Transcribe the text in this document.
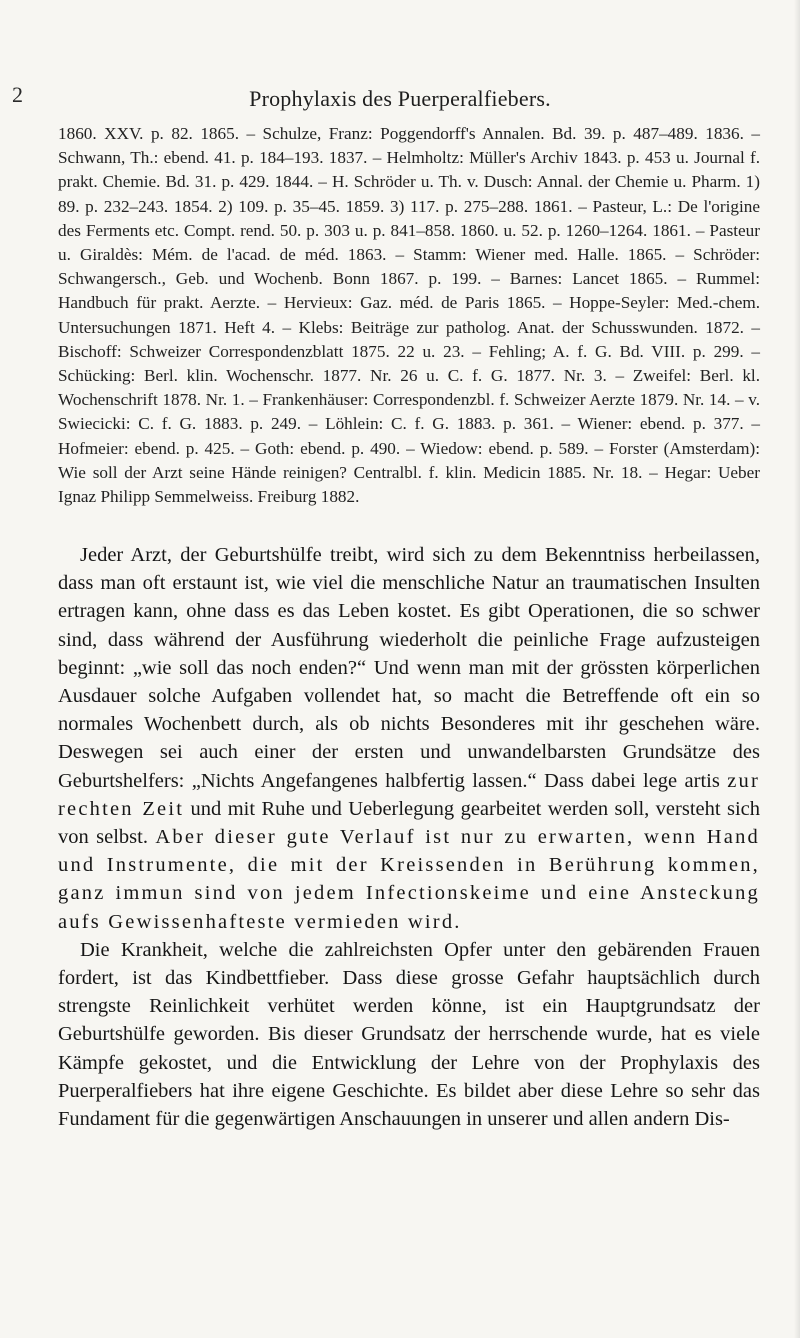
2	Prophylaxis des Puerperalfiebers.
1860. XXV. p. 82. 1865. – Schulze, Franz: Poggendorff's Annalen. Bd. 39. p. 487–489. 1836. – Schwann, Th.: ebend. 41. p. 184–193. 1837. – Helmholtz: Müller's Archiv 1843. p. 453 u. Journal f. prakt. Chemie. Bd. 31. p. 429. 1844. – H. Schröder u. Th. v. Dusch: Annal. der Chemie u. Pharm. 1) 89. p. 232–243. 1854. 2) 109. p. 35–45. 1859. 3) 117. p. 275–288. 1861. – Pasteur, L.: De l'origine des Ferments etc. Compt. rend. 50. p. 303 u. p. 841–858. 1860. u. 52. p. 1260–1264. 1861. – Pasteur u. Giraldès: Mém. de l'acad. de méd. 1863. – Stamm: Wiener med. Halle. 1865. – Schröder: Schwangersch., Geb. und Wochenb. Bonn 1867. p. 199. – Barnes: Lancet 1865. – Rummel: Handbuch für prakt. Aerzte. – Hervieux: Gaz. méd. de Paris 1865. – Hoppe-Seyler: Med.-chem. Untersuchungen 1871. Heft 4. – Klebs: Beiträge zur patholog. Anat. der Schusswunden. 1872. – Bischoff: Schweizer Correspondenzblatt 1875. 22 u. 23. – Fehling; A. f. G. Bd. VIII. p. 299. – Schücking: Berl. klin. Wochenschr. 1877. Nr. 26 u. C. f. G. 1877. Nr. 3. – Zweifel: Berl. kl. Wochenschrift 1878. Nr. 1. – Frankenhäuser: Correspondenzbl. f. Schweizer Aerzte 1879. Nr. 14. – v. Swiecicki: C. f. G. 1883. p. 249. – Löhlein: C. f. G. 1883. p. 361. – Wiener: ebend. p. 377. – Hofmeier: ebend. p. 425. – Goth: ebend. p. 490. – Wiedow: ebend. p. 589. – Forster (Amsterdam): Wie soll der Arzt seine Hände reinigen? Centralbl. f. klin. Medicin 1885. Nr. 18. – Hegar: Ueber Ignaz Philipp Semmelweiss. Freiburg 1882.

Jeder Arzt, der Geburtshülfe treibt, wird sich zu dem Bekenntniss herbeilassen, dass man oft erstaunt ist, wie viel die menschliche Natur an traumatischen Insulten ertragen kann, ohne dass es das Leben kostet. Es gibt Operationen, die so schwer sind, dass während der Ausführung wiederholt die peinliche Frage aufzusteigen beginnt: „wie soll das noch enden?“ Und wenn man mit der grössten körperlichen Ausdauer solche Aufgaben vollendet hat, so macht die Betreffende oft ein so normales Wochenbett durch, als ob nichts Besonderes mit ihr geschehen wäre. Deswegen sei auch einer der ersten und unwandelbarsten Grundsätze des Geburtshelfers: „Nichts Angefangenes halbfertig lassen.“ Dass dabei lege artis zur rechten Zeit und mit Ruhe und Ueberlegung gearbeitet werden soll, versteht sich von selbst. Aber dieser gute Verlauf ist nur zu erwarten, wenn Hand und Instrumente, die mit der Kreissenden in Berührung kommen, ganz immun sind von jedem Infectionskeime und eine Ansteckung aufs Gewissenhafteste vermieden wird.

Die Krankheit, welche die zahlreichsten Opfer unter den gebärenden Frauen fordert, ist das Kindbettfieber. Dass diese grosse Gefahr hauptsächlich durch strengste Reinlichkeit verhütet werden könne, ist ein Hauptgrundsatz der Geburtshülfe geworden. Bis dieser Grundsatz der herrschende wurde, hat es viele Kämpfe gekostet, und die Entwicklung der Lehre von der Prophylaxis des Puerperalfiebers hat ihre eigene Geschichte. Es bildet aber diese Lehre so sehr das Fundament für die gegenwärtigen Anschauungen in unserer und allen andern Dis-
